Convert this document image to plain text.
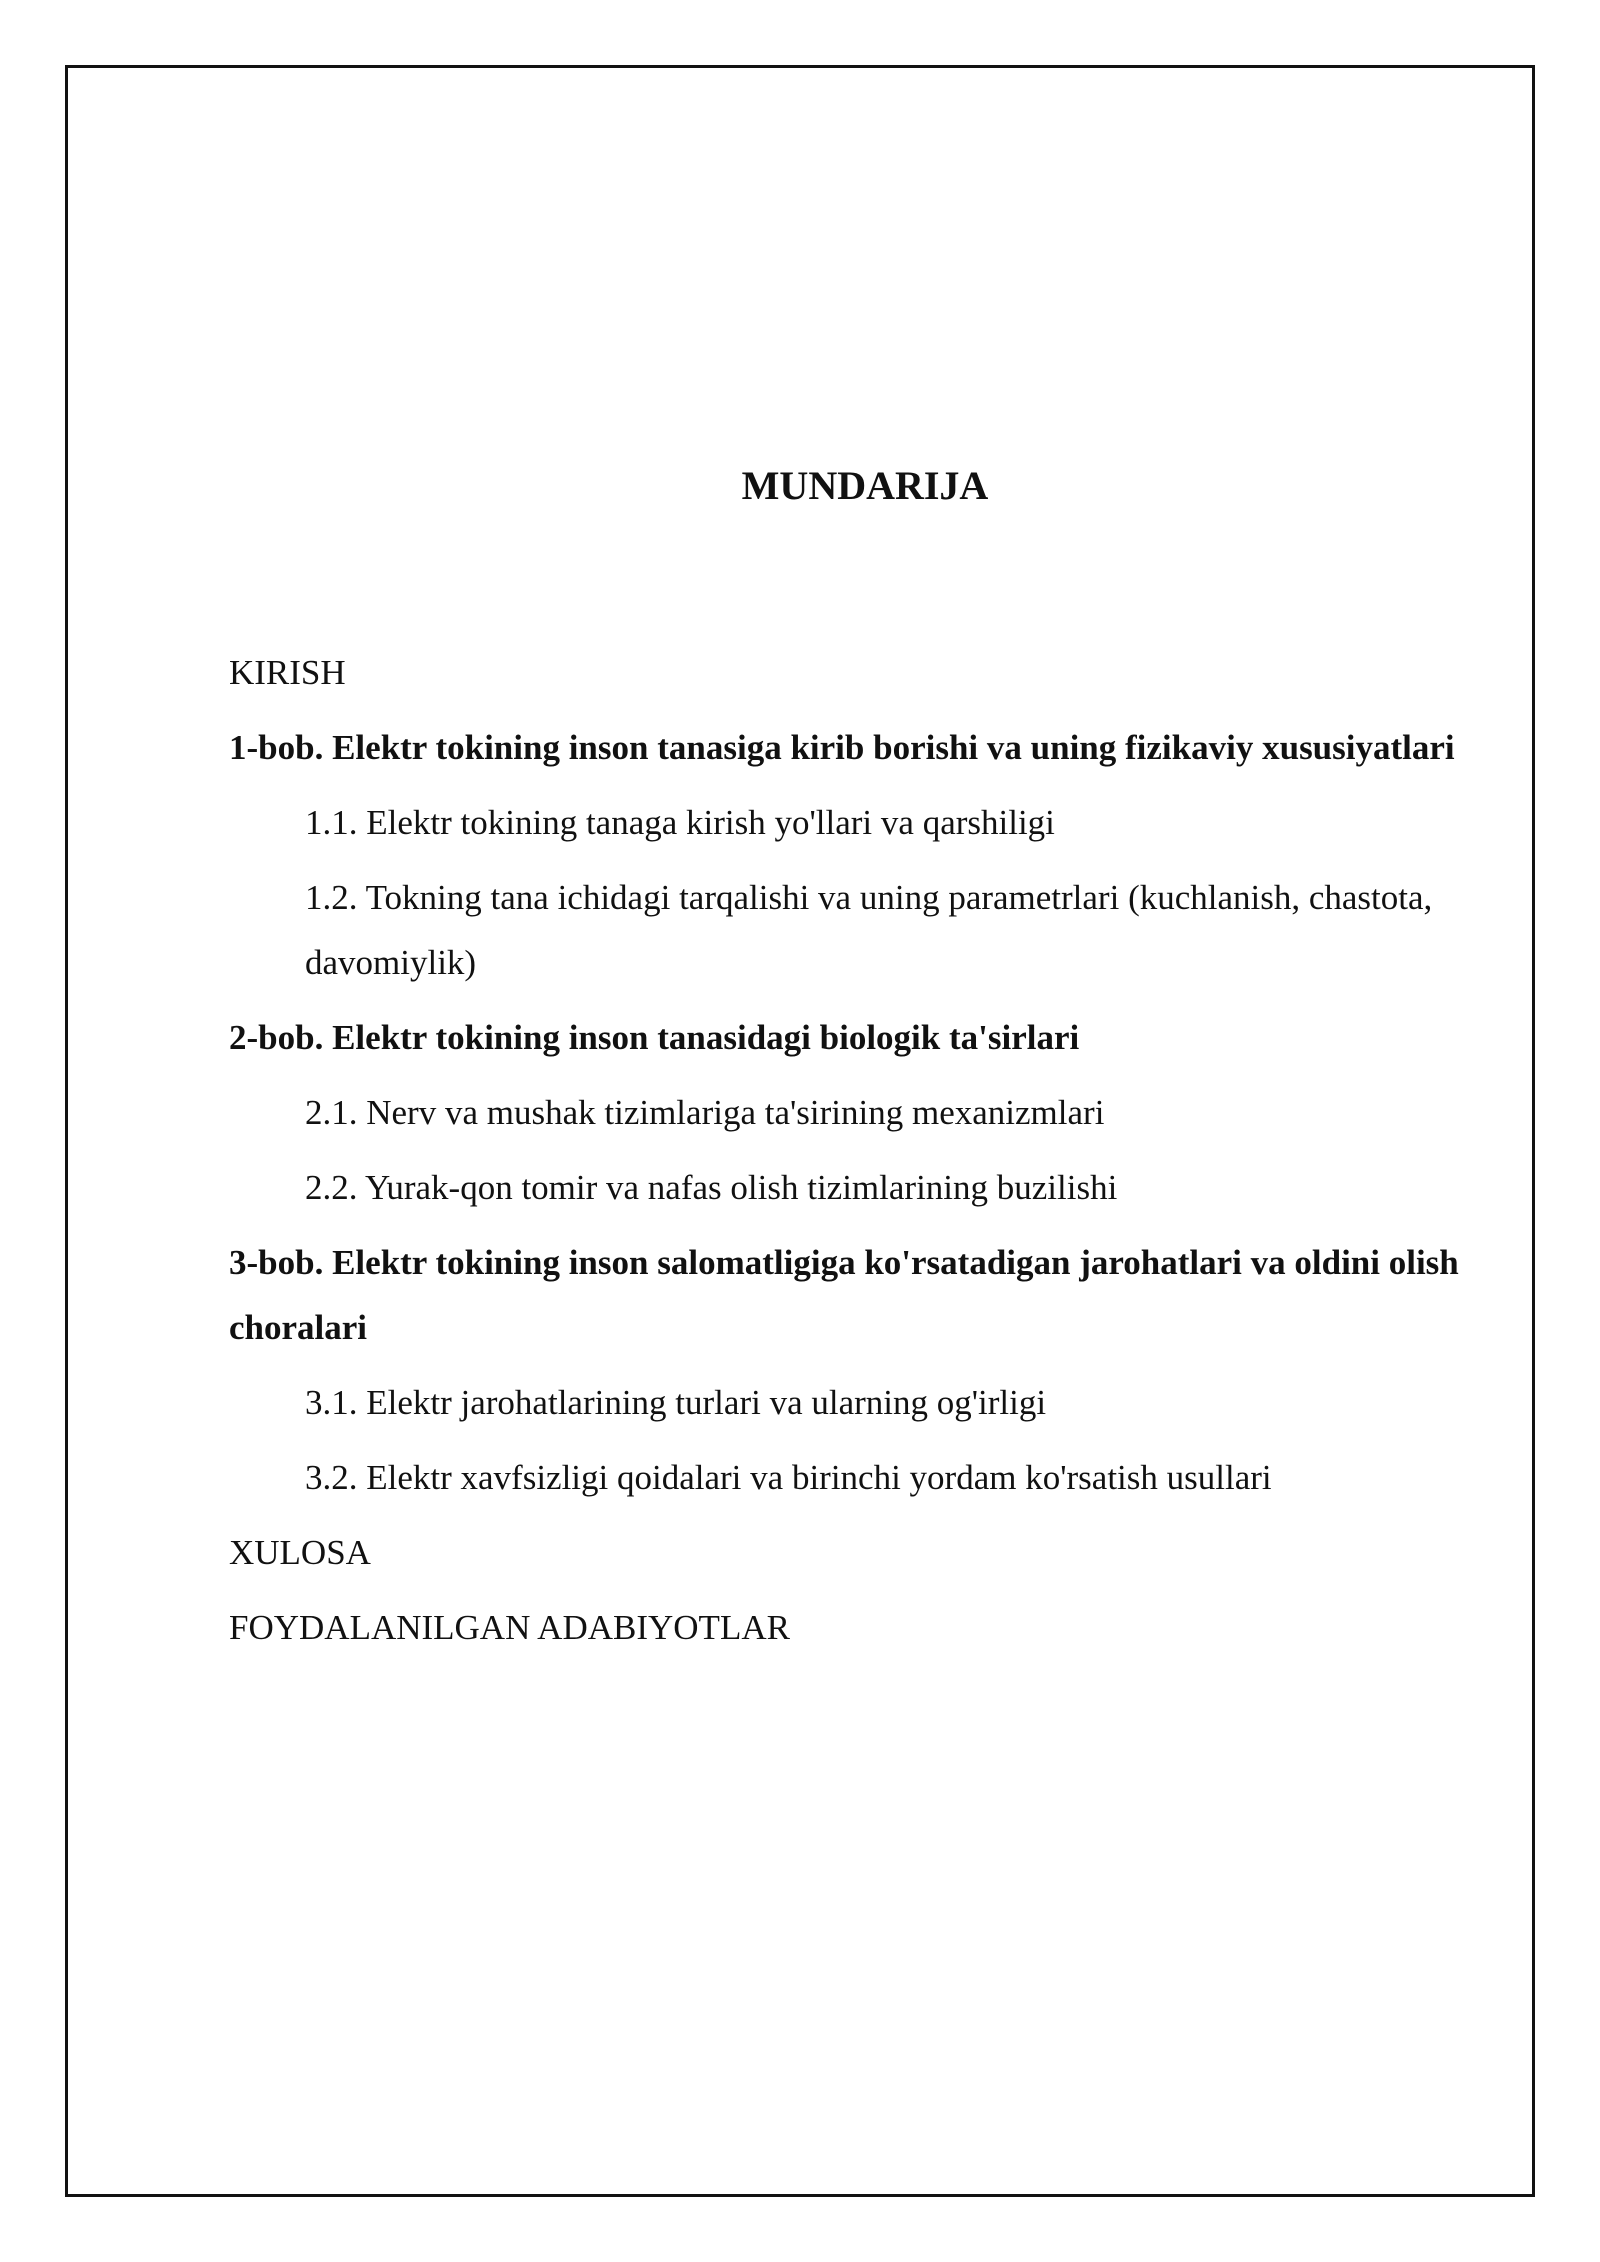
MUNDARIJA
KIRISH
1-bob. Elektr tokining inson tanasiga kirib borishi va uning fizikaviy xususiyatlari
1.1. Elektr tokining tanaga kirish yo'llari va qarshiligi
1.2. Tokning tana ichidagi tarqalishi va uning parametrlari (kuchlanish, chastota, davomiylik)
2-bob. Elektr tokining inson tanasidagi biologik ta'sirlari
2.1. Nerv va mushak tizimlariga ta'sirining mexanizmlari
2.2. Yurak-qon tomir va nafas olish tizimlarining buzilishi
3-bob. Elektr tokining inson salomatligiga ko'rsatadigan jarohatlari va oldini olish choralari
3.1. Elektr jarohatlarining turlari va ularning og'irligi
3.2. Elektr xavfsizligi qoidalari va birinchi yordam ko'rsatish usullari
XULOSA
FOYDALANILGAN ADABIYOTLAR
